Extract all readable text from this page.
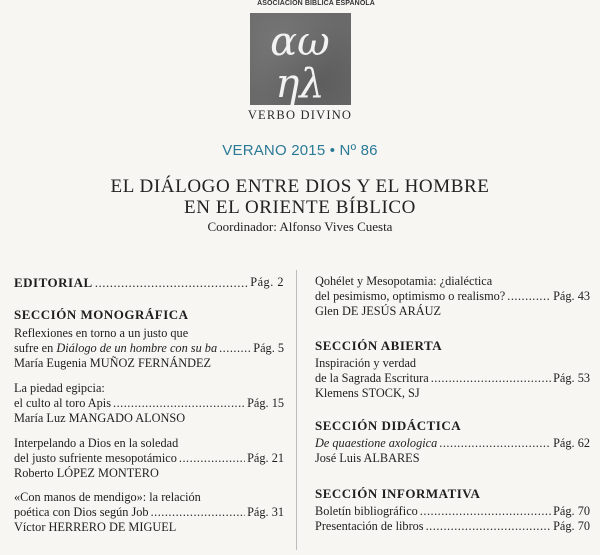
ASOCIACIÓN BÍBLICA ESPAÑOLA
αω
ηλ
VERBO DIVINO
VERANO 2015 • Nº 86
EL DIÁLOGO ENTRE DIOS Y EL HOMBRE
EN EL ORIENTE BÍBLICO
Coordinador: Alfonso Vives Cuesta
EDITORIAL .....	Pág. 2
SECCIÓN MONOGRÁFICA
Reflexiones en torno a un justo que
sufre en Diálogo de un hombre con su ba .....	Pág. 5
María Eugenia MUÑOZ FERNÁNDEZ
La piedad egipcia:
el culto al toro Apis .....	Pág. 15
María Luz MANGADO ALONSO
Interpelando a Dios en la soledad
del justo sufriente mesopotámico .....	Pág. 21
Roberto LÓPEZ MONTERO
«Con manos de mendigo»: la relación
poética con Dios según Job .....	Pág. 31
Víctor HERRERO DE MIGUEL
Qohélet y Mesopotamia: ¿dialéctica
del pesimismo, optimismo o realismo? .....	Pág. 43
Glen DE JESÚS ARÁUZ
SECCIÓN ABIERTA
Inspiración y verdad
de la Sagrada Escritura .....	Pág. 53
Klemens STOCK, SJ
SECCIÓN DIDÁCTICA
De quaestione axologica .....	Pág. 62
José Luis ALBARES
SECCIÓN INFORMATIVA
Boletín bibliográfico .....	Pág. 70
Presentación de libros .....	Pág. 70
